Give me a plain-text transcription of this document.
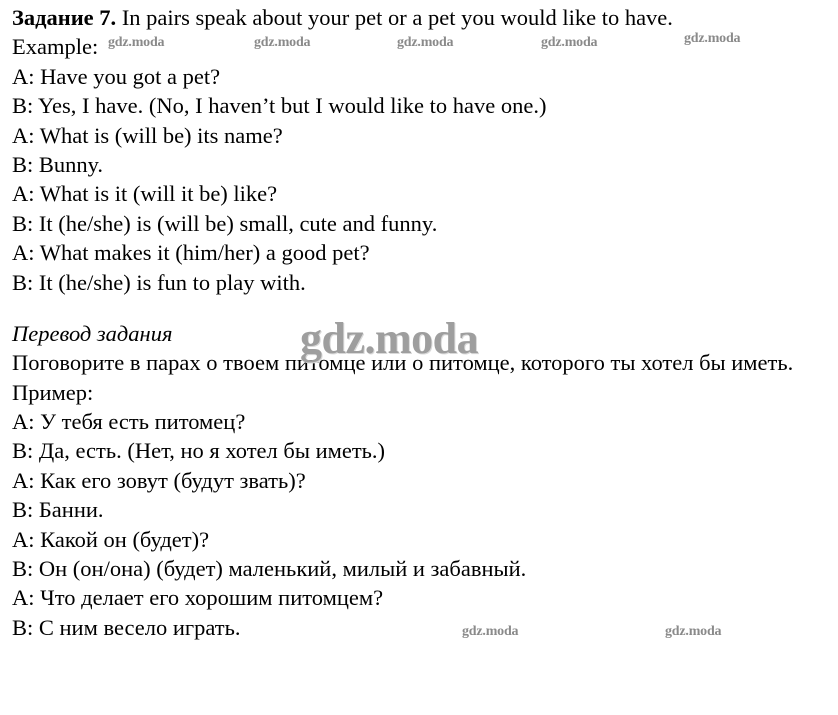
Задание 7. In pairs speak about your pet or a pet you would like to have.
Example:
A: Have you got a pet?
B: Yes, I have. (No, I haven’t but I would like to have one.)
A: What is (will be) its name?
B: Bunny.
A: What is it (will it be) like?
B: It (he/she) is (will be) small, cute and funny.
A: What makes it (him/her) a good pet?
B: It (he/she) is fun to play with.
Перевод задания
Поговорите в парах о твоем питомце или о питомце, которого ты хотел бы иметь.
Пример:
A: У тебя есть питомец?
B: Да, есть. (Нет, но я хотел бы иметь.)
A: Как его зовут (будут звать)?
B: Банни.
A: Какой он (будет)?
B: Он (он/она) (будет) маленький, милый и забавный.
A: Что делает его хорошим питомцем?
B: С ним весело играть.
gdz.moda	gdz.moda	gdz.moda	gdz.moda	gdz.moda
gdz.moda
gdz.moda	gdz.moda
